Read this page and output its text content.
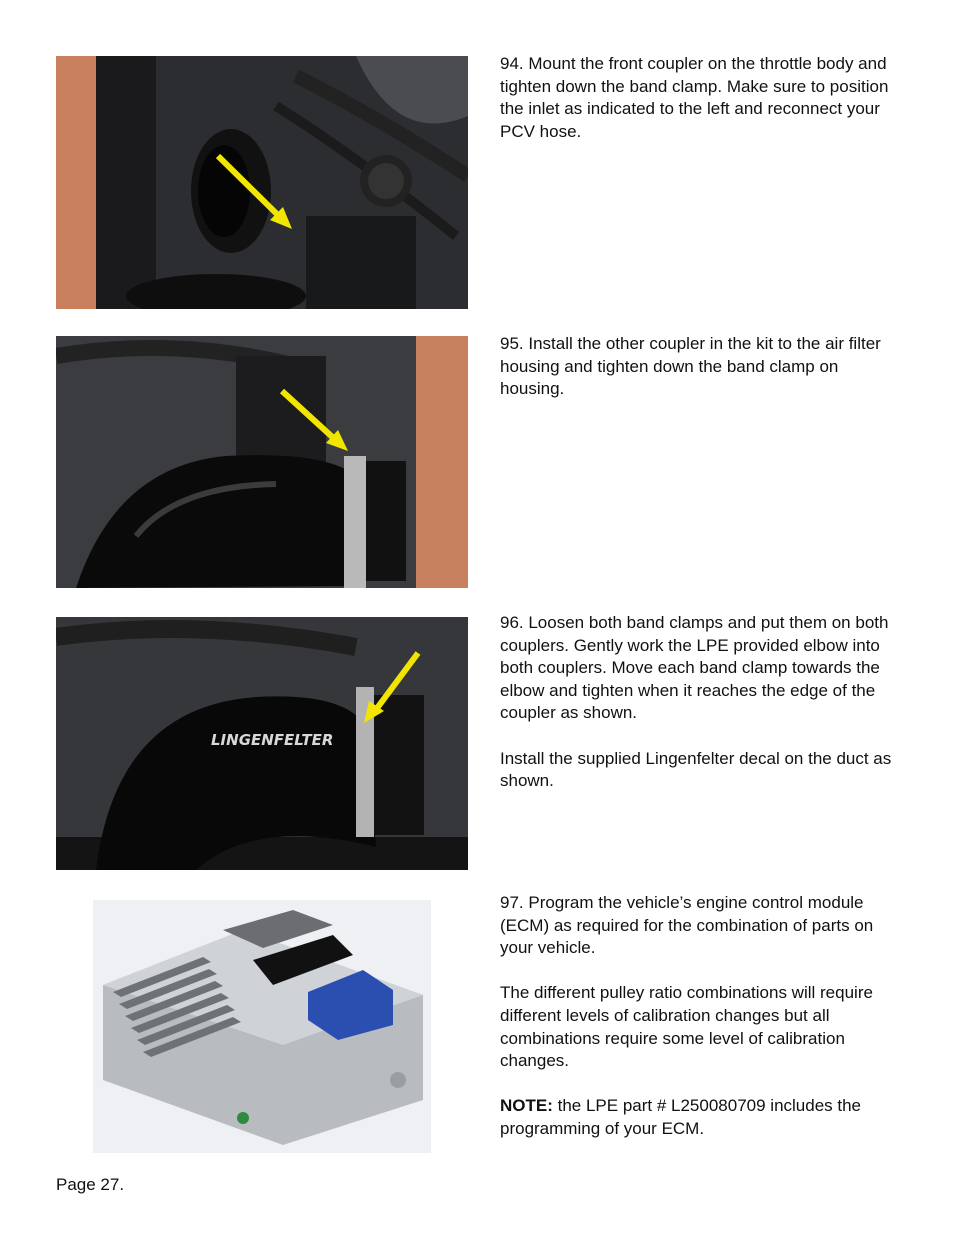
LINGENFELTER

94. Mount the front coupler on the throttle body and tighten down the band clamp. Make sure to position the inlet as indicated to the left and reconnect your PCV hose.

95. Install the other coupler in the kit to the air filter housing and tighten down the band clamp on housing.

96. Loosen both band clamps and put them on both couplers. Gently work the LPE provided elbow into both couplers. Move each band clamp towards the elbow and tighten when it reaches the edge of the coupler as shown.

Install the supplied Lingenfelter decal on the duct as shown.

97. Program the vehicle’s engine control module (ECM) as required for the combination of parts on your vehicle.

The different pulley ratio combinations will require different levels of calibration changes but all combinations require some level of calibration changes.

NOTE: the LPE part # L250080709 includes the programming of your ECM.

Page 27.
